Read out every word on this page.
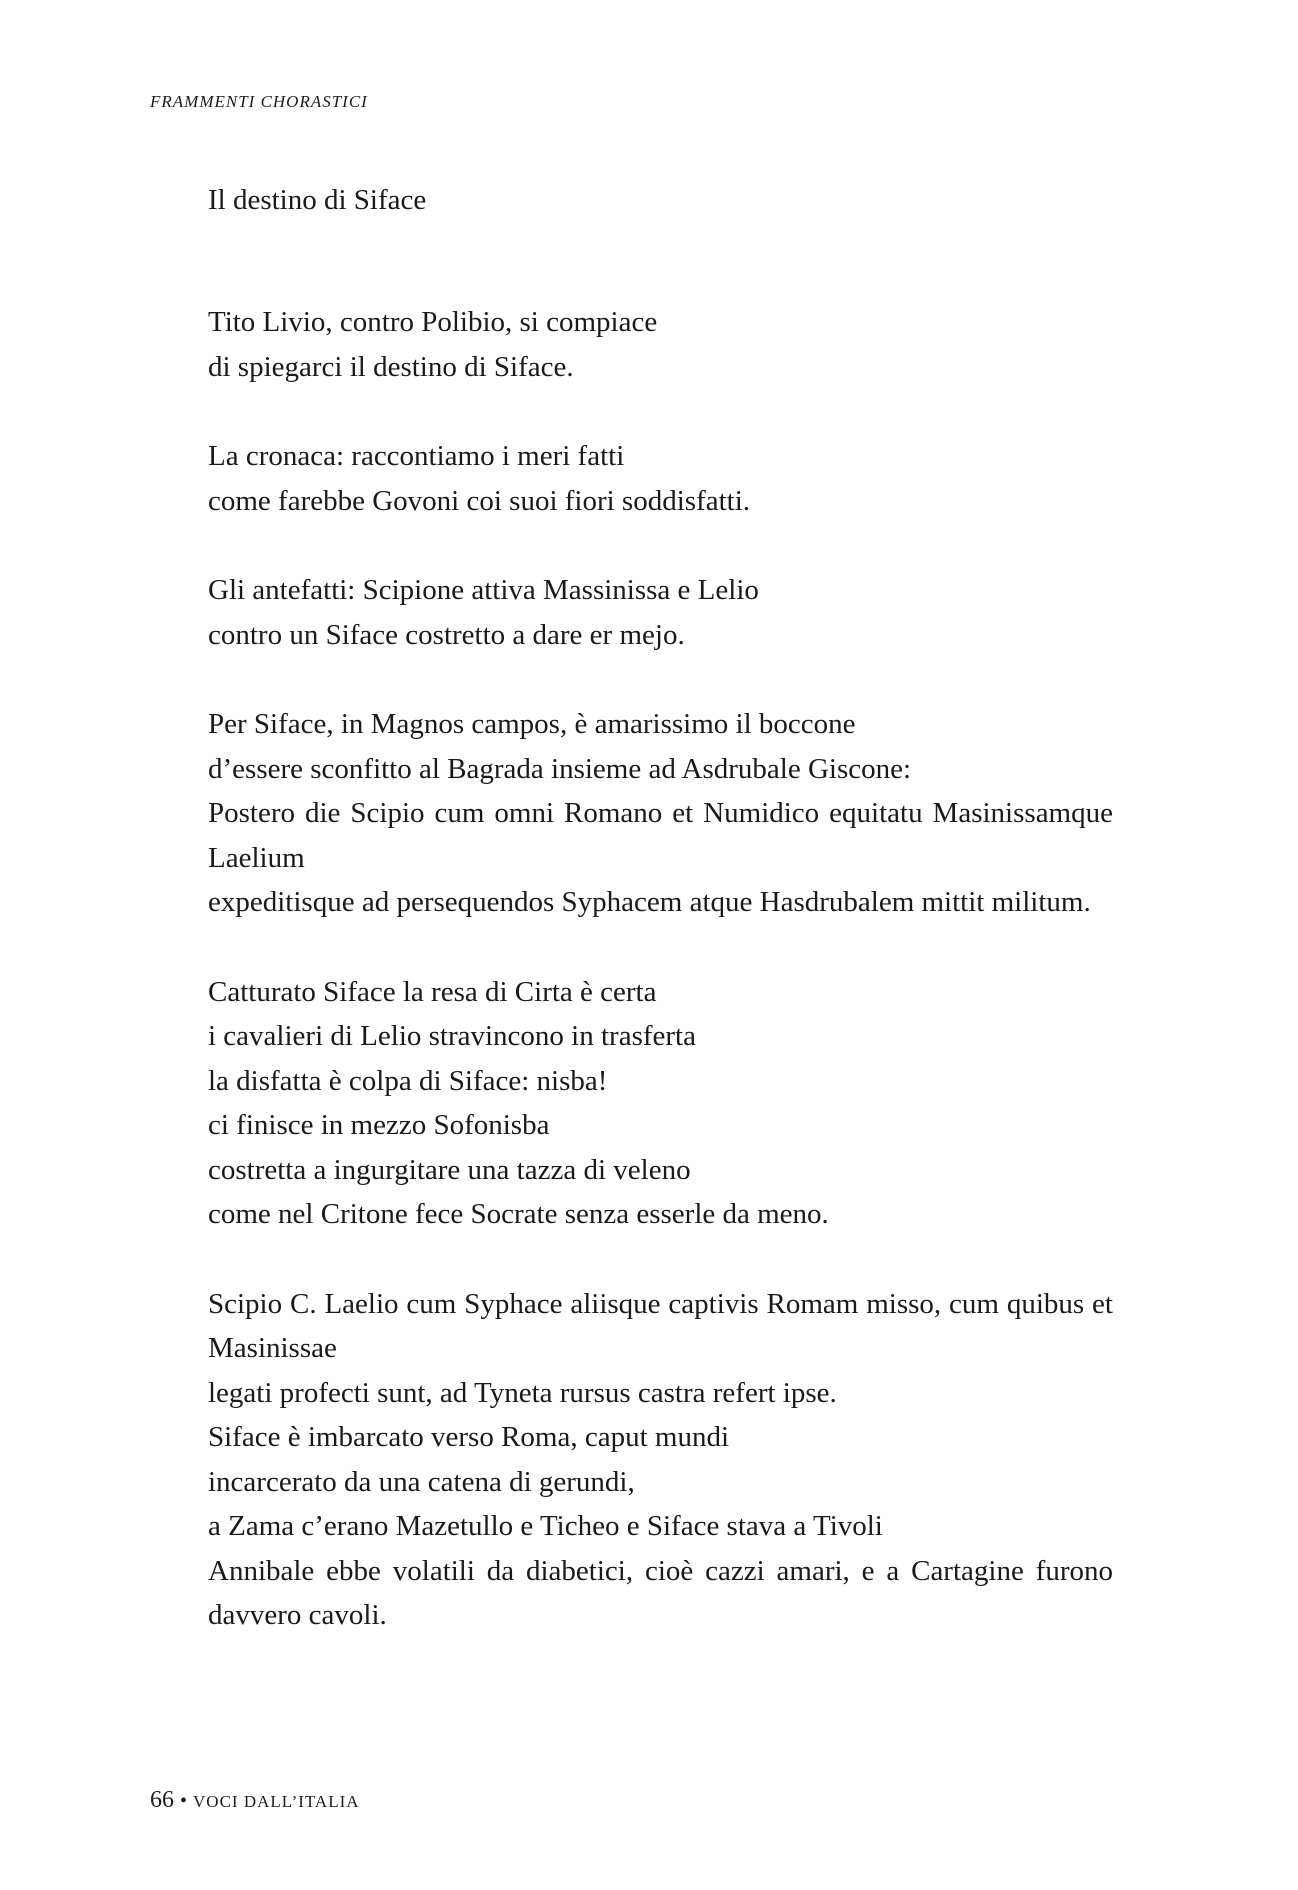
FRAMMENTI CHORASTICI
Il destino di Siface
Tito Livio, contro Polibio, si compiace
di spiegarci il destino di Siface.
La cronaca: raccontiamo i meri fatti
come farebbe Govoni coi suoi fiori soddisfatti.
Gli antefatti: Scipione attiva Massinissa e Lelio
contro un Siface costretto a dare er mejo.
Per Siface, in Magnos campos, è amarissimo il boccone
d’essere sconfitto al Bagrada insieme ad Asdrubale Giscone:
Postero die Scipio cum omni Romano et Numidico equitatu Masinissamque Laelium
expeditisque ad persequendos Syphacem atque Hasdrubalem mittit militum.
Catturato Siface la resa di Cirta è certa
i cavalieri di Lelio stravincono in trasferta
la disfatta è colpa di Siface: nisba!
ci finisce in mezzo Sofonisba
costretta a ingurgitare una tazza di veleno
come nel Critone fece Socrate senza esserle da meno.
Scipio C. Laelio cum Syphace aliisque captivis Romam misso, cum quibus et Masinissae
legati profecti sunt, ad Tyneta rursus castra refert ipse.
Siface è imbarcato verso Roma, caput mundi
incarcerato da una catena di gerundi,
a Zama c’erano Mazetullo e Ticheo e Siface stava a Tivoli
Annibale ebbe volatili da diabetici, cioè cazzi amari, e a Cartagine furono davvero cavoli.
66 • VOCI DALL’ITALIA
